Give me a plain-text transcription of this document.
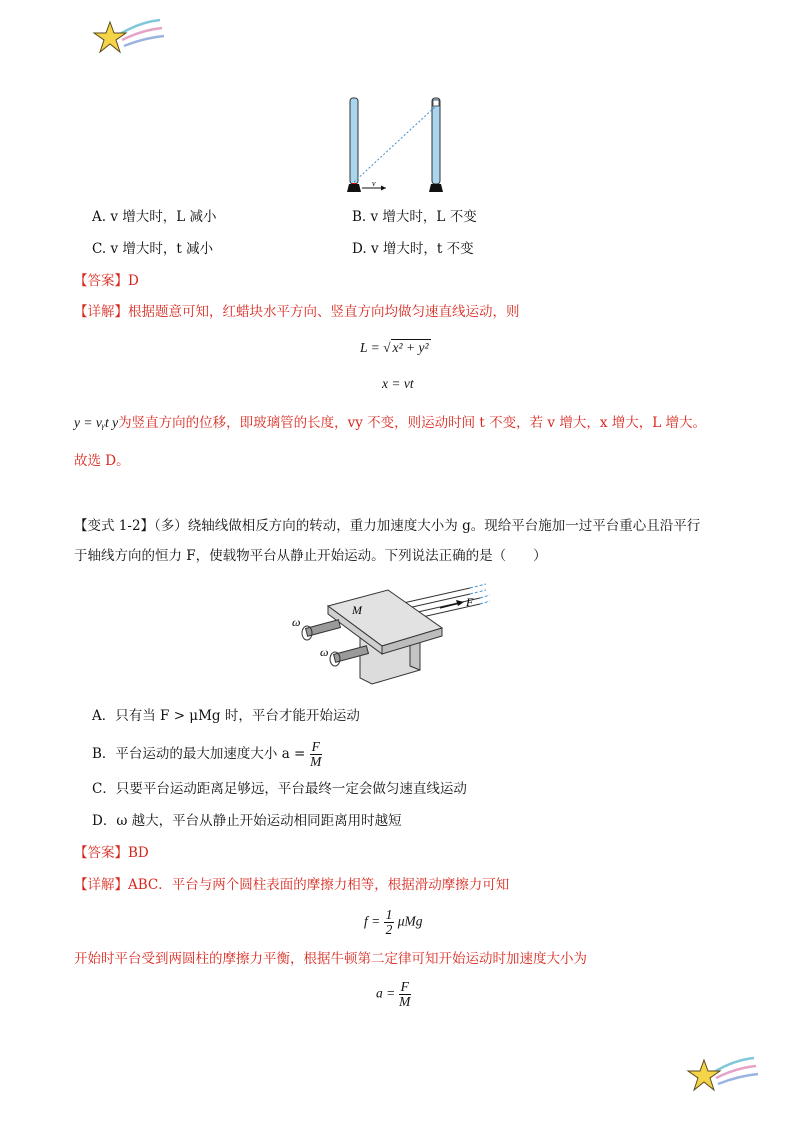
v
A. v 增大时，L 减小	B. v 增大时，L 不变
C. v 增大时，t 减小	D. v 增大时，t 不变
【答案】D
【详解】根据题意可知，红蜡块水平方向、竖直方向均做匀速直线运动，则
L = √ x² + y²
x = vt
y = vᵧt y为竖直方向的位移，即玻璃管的长度，vy 不变，则运动时间 t 不变，若 v 增大，x 增大，L 增大。
故选 D。
【变式 1-2】（多）绕轴线做相反方向的转动，重力加速度大小为 g。现给平台施加一过平台重心且沿平行
于轴线方向的恒力 F，使载物平台从静止开始运动。下列说法正确的是（　　）
F
M
ω
ω
A．只有当 F > μMg 时，平台才能开始运动
B．平台运动的最大加速度大小 $a = \frac{F}{M}$
C．只要平台运动距离足够远，平台最终一定会做匀速直线运动
D．ω 越大，平台从静止开始运动相同距离用时越短
【答案】BD
【详解】ABC．平台与两个圆柱表面的摩擦力相等，根据滑动摩擦力可知
$f = \frac{1}{2}$ μMg
开始时平台受到两圆柱的摩擦力平衡，根据牛顿第二定律可知开始运动时加速度大小为
$a = \frac{F}{M}$
